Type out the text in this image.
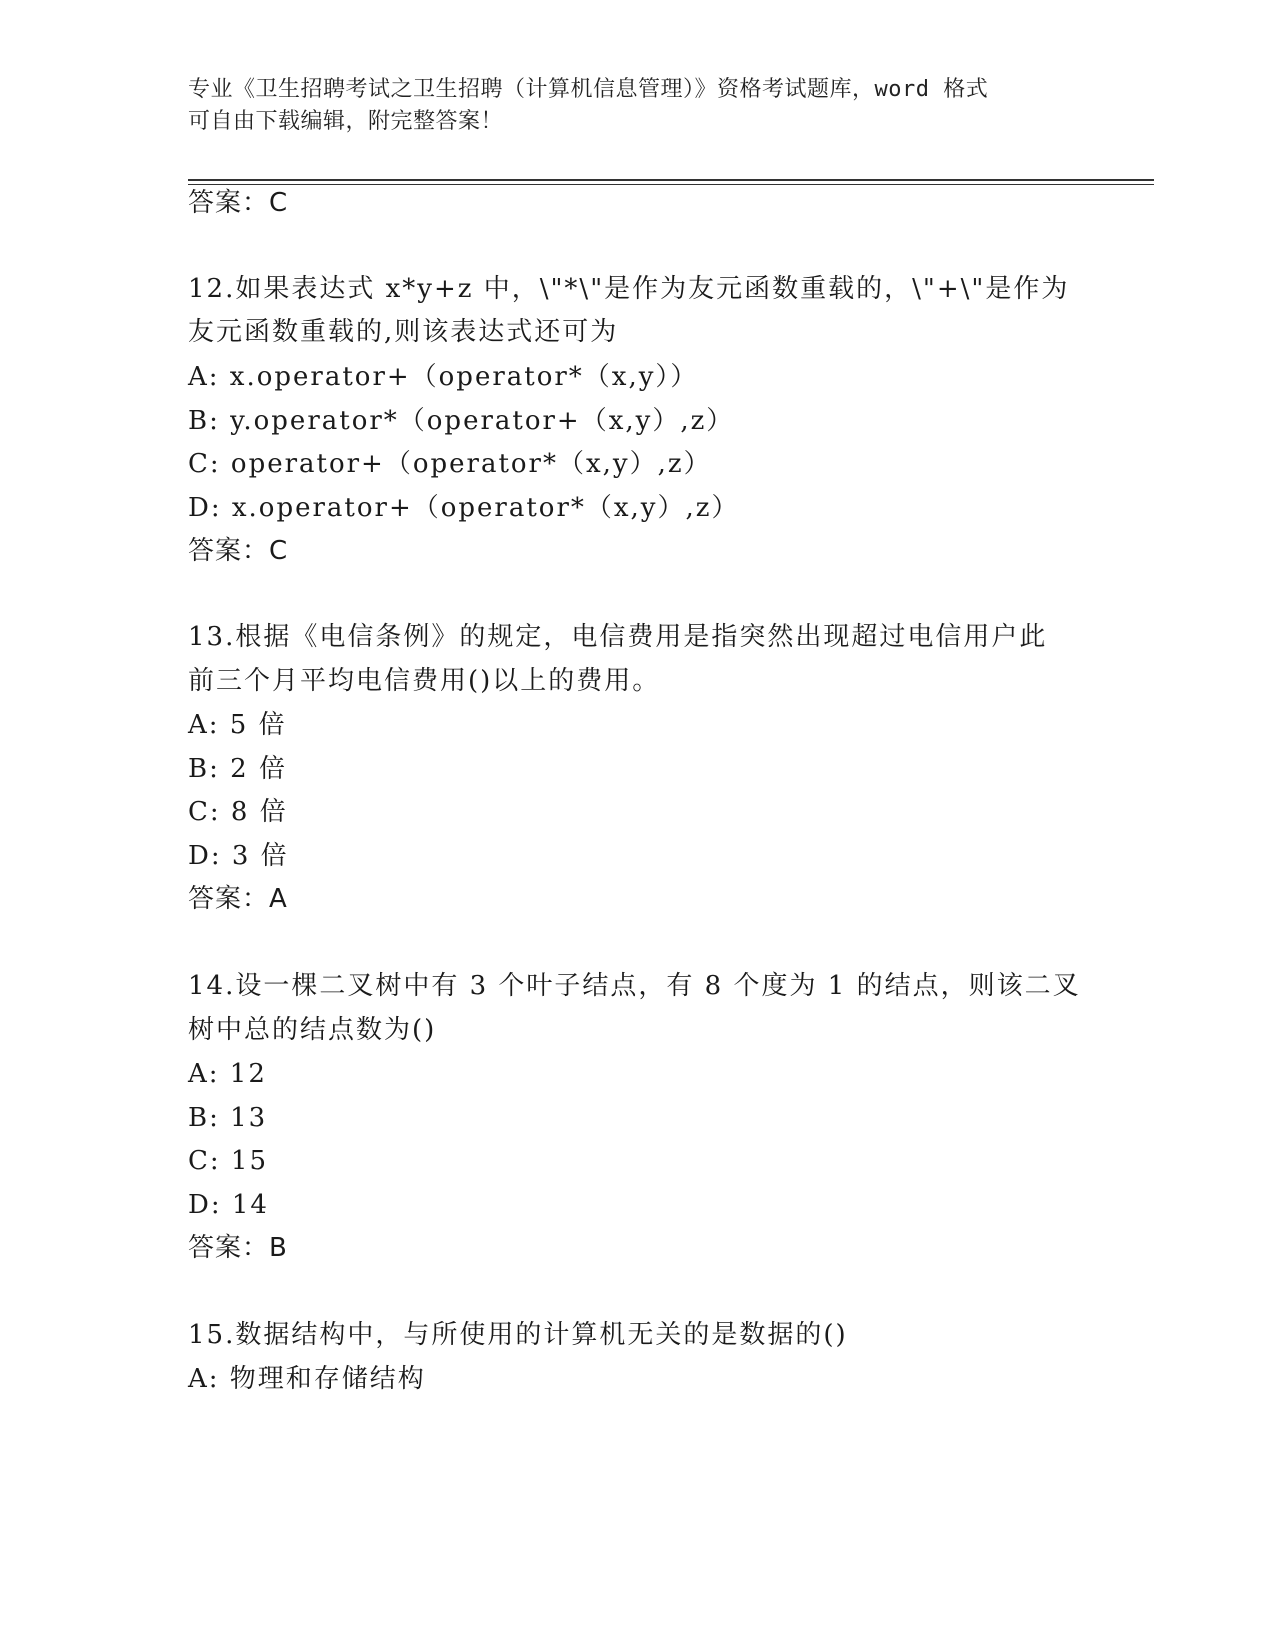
专业《卫生招聘考试之卫生招聘（计算机信息管理）》资格考试题库，word 格式

可自由下载编辑，附完整答案！

答案：C
12.如果表达式 x*y+z 中，\"*\"是作为友元函数重载的，\"+\"是作为
友元函数重载的,则该表达式还可为
A: x.operator+（operator*（x,y））
B: y.operator*（operator+（x,y）,z）
C: operator+（operator*（x,y）,z）
D: x.operator+（operator*（x,y）,z）
答案：C
13.根据《电信条例》的规定，电信费用是指突然出现超过电信用户此
前三个月平均电信费用()以上的费用。
A: 5 倍
B: 2 倍
C: 8 倍
D: 3 倍
答案：A
14.设一棵二叉树中有 3 个叶子结点，有 8 个度为 1 的结点，则该二叉
树中总的结点数为()
A: 12
B: 13
C: 15
D: 14
答案：B
15.数据结构中，与所使用的计算机无关的是数据的()
A: 物理和存储结构
